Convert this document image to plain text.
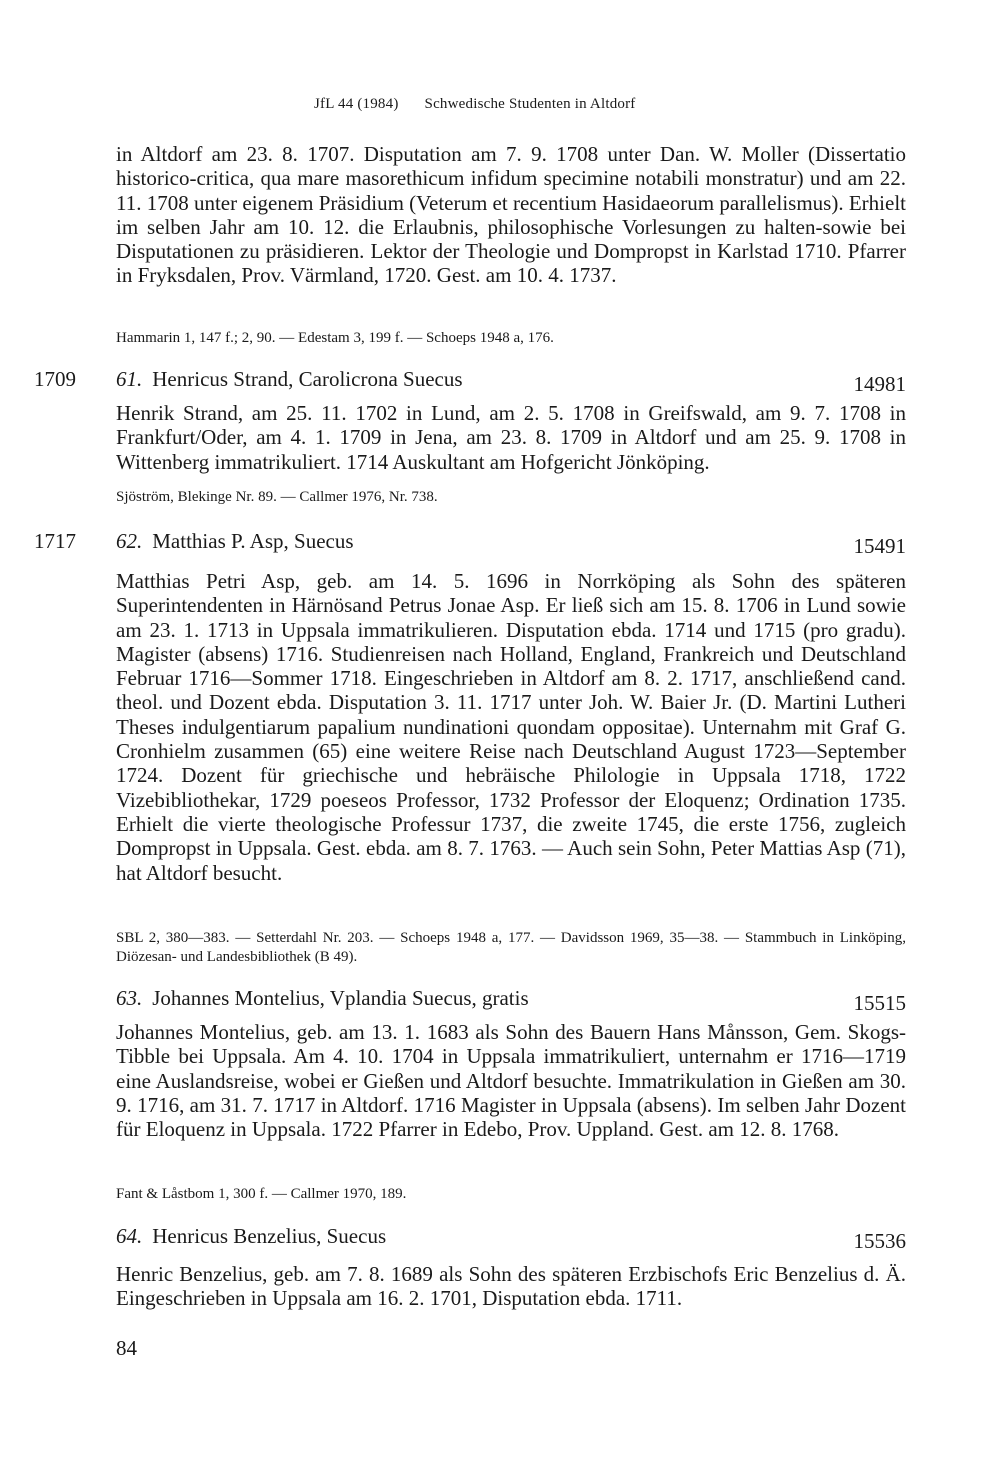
JfL 44 (1984) Schwedische Studenten in Altdorf
in Altdorf am 23. 8. 1707. Disputation am 7. 9. 1708 unter Dan. W. Moller (Dissertatio historico-critica, qua mare masorethicum infidum specimine notabili monstratur) und am 22. 11. 1708 unter eigenem Präsidium (Veterum et recentium Hasidaeorum parallelismus). Erhielt im selben Jahr am 10. 12. die Erlaubnis, philosophische Vorlesungen zu halten-sowie bei Disputationen zu präsidieren. Lektor der Theologie und Dompropst in Karlstad 1710. Pfarrer in Fryksdalen, Prov. Värmland, 1720. Gest. am 10. 4. 1737.
Hammarin 1, 147 f.; 2, 90. — Edestam 3, 199 f. — Schoeps 1948 a, 176.
1709 61. Henricus Strand, Carolicrona Suecus	14981
Henrik Strand, am 25. 11. 1702 in Lund, am 2. 5. 1708 in Greifswald, am 9. 7. 1708 in Frankfurt/Oder, am 4. 1. 1709 in Jena, am 23. 8. 1709 in Altdorf und am 25. 9. 1708 in Wittenberg immatrikuliert. 1714 Auskultant am Hofgericht Jönköping.
Sjöström, Blekinge Nr. 89. — Callmer 1976, Nr. 738.
1717 62. Matthias P. Asp, Suecus	15491
Matthias Petri Asp, geb. am 14. 5. 1696 in Norrköping als Sohn des späteren Superintendenten in Härnösand Petrus Jonae Asp. Er ließ sich am 15. 8. 1706 in Lund sowie am 23. 1. 1713 in Uppsala immatrikulieren. Disputation ebda. 1714 und 1715 (pro gradu). Magister (absens) 1716. Studienreisen nach Holland, England, Frankreich und Deutschland Februar 1716—Sommer 1718. Eingeschrieben in Altdorf am 8. 2. 1717, anschließend cand. theol. und Dozent ebda. Disputation 3. 11. 1717 unter Joh. W. Baier Jr. (D. Martini Lutheri Theses indulgentiarum papalium nundinationi quondam oppositae). Unternahm mit Graf G. Cronhielm zusammen (65) eine weitere Reise nach Deutschland August 1723—September 1724. Dozent für griechische und hebräische Philologie in Uppsala 1718, 1722 Vizebibliothekar, 1729 poeseos Professor, 1732 Professor der Eloquenz; Ordination 1735. Erhielt die vierte theologische Professur 1737, die zweite 1745, die erste 1756, zugleich Dompropst in Uppsala. Gest. ebda. am 8. 7. 1763. — Auch sein Sohn, Peter Mattias Asp (71), hat Altdorf besucht.
SBL 2, 380—383. — Setterdahl Nr. 203. — Schoeps 1948 a, 177. — Davidsson 1969, 35—38. — Stammbuch in Linköping, Diözesan- und Landesbibliothek (B 49).
63. Johannes Montelius, Vplandia Suecus, gratis	15515
Johannes Montelius, geb. am 13. 1. 1683 als Sohn des Bauern Hans Månsson, Gem. Skogs-Tibble bei Uppsala. Am 4. 10. 1704 in Uppsala immatrikuliert, unternahm er 1716—1719 eine Auslandsreise, wobei er Gießen und Altdorf besuchte. Immatrikulation in Gießen am 30. 9. 1716, am 31. 7. 1717 in Altdorf. 1716 Magister in Uppsala (absens). Im selben Jahr Dozent für Eloquenz in Uppsala. 1722 Pfarrer in Edebo, Prov. Uppland. Gest. am 12. 8. 1768.
Fant & Låstbom 1, 300 f. — Callmer 1970, 189.
64. Henricus Benzelius, Suecus	15536
Henric Benzelius, geb. am 7. 8. 1689 als Sohn des späteren Erzbischofs Eric Benzelius d. Ä. Eingeschrieben in Uppsala am 16. 2. 1701, Disputation ebda. 1711.
84
